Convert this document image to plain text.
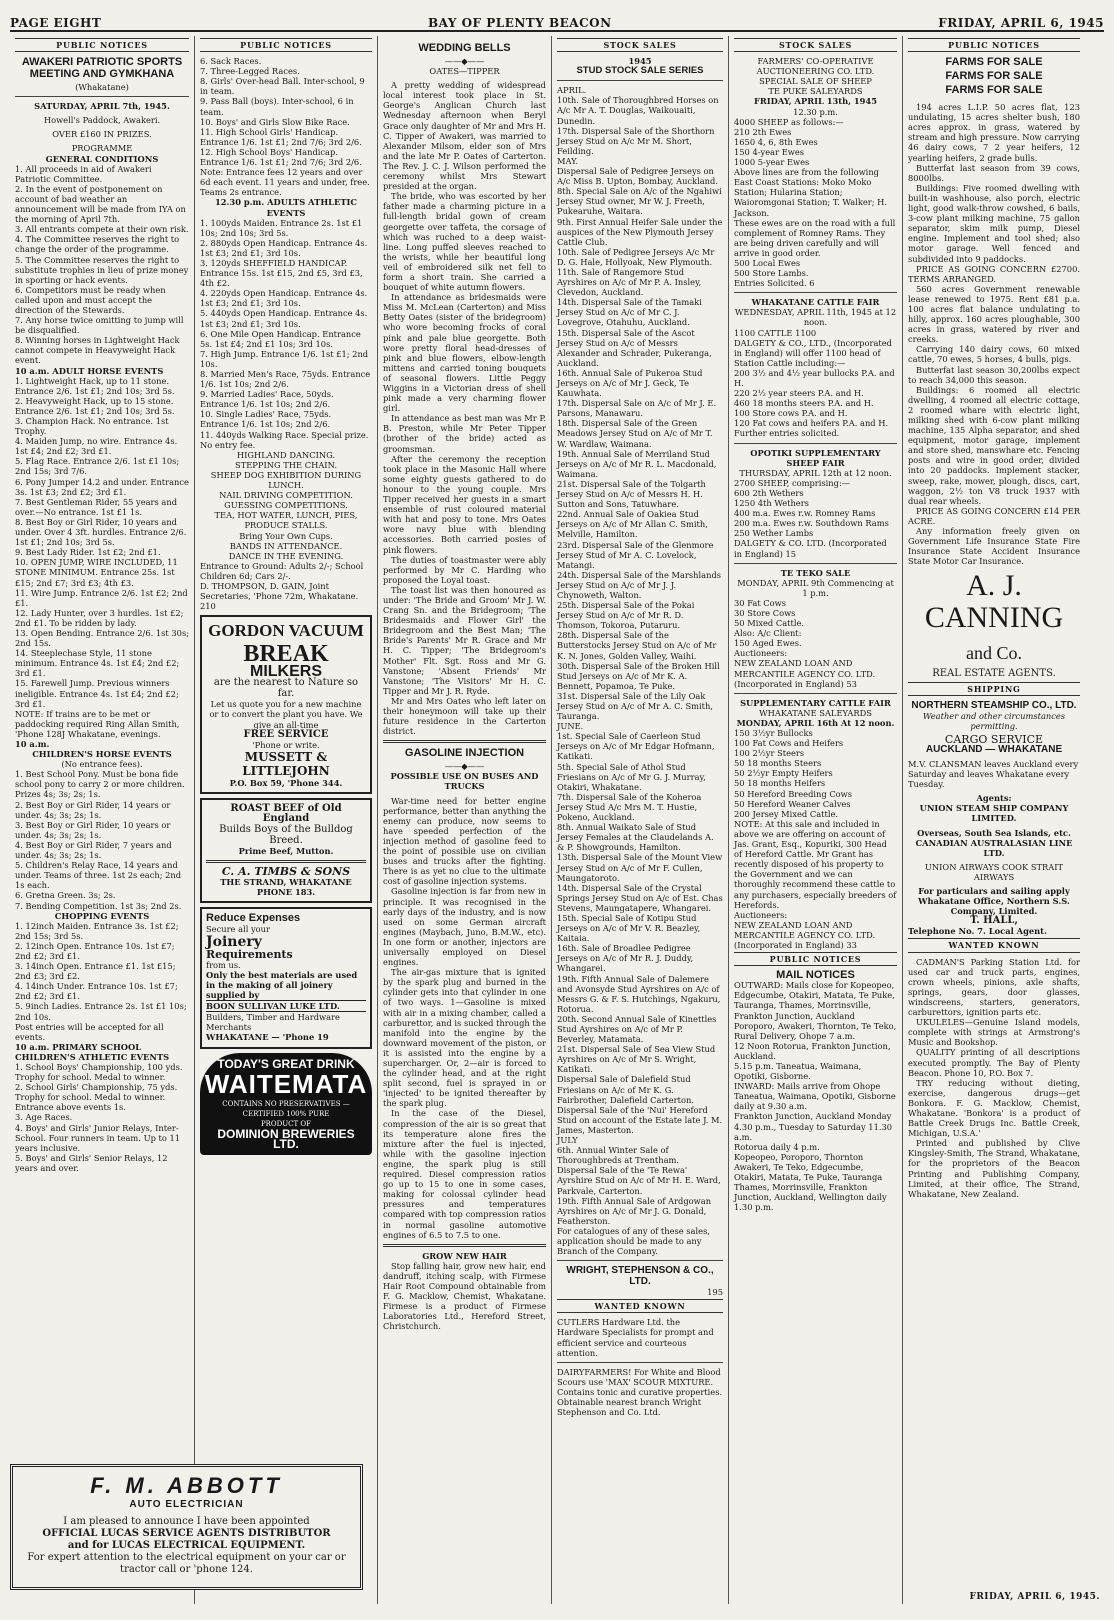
PAGE EIGHT	BAY OF PLENTY BEACON	FRIDAY, APRIL 6, 1945
PUBLIC NOTICES
AWAKERI PATRIOTIC SPORTS MEETING AND GYMKHANA
(Whakatane)
SATURDAY, APRIL 7th, 1945.
Howell's Paddock, Awakeri.
OVER £160 IN PRIZES.
PROGRAMME
GENERAL CONDITIONS
1. All proceeds in aid of Awakeri Patriotic Committee.
2. In the event of postponement on account of bad weather an announcement will be made from IYA on the morning of April 7th.
3. All entrants compete at their own risk.
4. The Committee reserves the right to change the order of the programme.
5. The Committee reserves the right to substitute trophies in lieu of prize money in sporting or hack events.
6. Competitors must be ready when called upon and must accept the direction of the Stewards.
7. Any horse twice omitting to jump will be disqualified.
8. Winning horses in Lightweight Hack cannot compete in Heavyweight Hack event.
10 a.m. ADULT HORSE EVENTS
1. Lightweight Hack, up to 11 stone. Entrance 2/6. 1st £1; 2nd 10s; 3rd 5s.
2. Heavyweight Hack, up to 15 stone. Entrance 2/6. 1st £1; 2nd 10s; 3rd 5s.
3. Champion Hack. No entrance. 1st Trophy.
4. Maiden Jump, no wire. Entrance 4s. 1st £4; 2nd £2; 3rd £1.
5. Flag Race. Entrance 2/6. 1st £1 10s; 2nd 15s; 3rd 7/6.
6. Pony Jumper 14.2 and under. Entrance 3s. 1st £3; 2nd £2; 3rd £1.
7. Best Gentleman Rider, 55 years and over.—No entrance. 1st £1 1s.
8. Best Boy or Girl Rider, 10 years and under. Over 4 3ft. hurdles. Entrance 2/6. 1st £1; 2nd 10s; 3rd 5s.
9. Best Lady Rider. 1st £2; 2nd £1.
10. OPEN JUMP, WIRE INCLUDED, 11 STONE MINIMUM. Entrance 25s. 1st £15; 2nd £7; 3rd £3; 4th £3.
11. Wire Jump. Entrance 2/6. 1st £2; 2nd £1.
12. Lady Hunter, over 3 hurdles. 1st £2; 2nd £1. To be ridden by lady.
13. Open Bending. Entrance 2/6. 1st 30s; 2nd 15s.
14. Steeplechase Style, 11 stone minimum. Entrance 4s. 1st £4; 2nd £2; 3rd £1.
15. Farewell Jump. Previous winners ineligible. Entrance 4s. 1st £4; 2nd £2; 3rd £1.
NOTE: If trains are to be met or paddocking required Ring Allan Smith, 'Phone 128J Whakatane, evenings.
10 a.m.
CHILDREN'S HORSE EVENTS
(No entrance fees).
1. Best School Pony. Must be bona fide school pony to carry 2 or more children. Prizes 4s; 3s; 2s; 1s.
2. Best Boy or Girl Rider, 14 years or under. 4s; 3s; 2s; 1s.
3. Best Boy or Girl Rider, 10 years or under. 4s; 3s; 2s; 1s.
4. Best Boy or Girl Rider, 7 years and under. 4s; 3s; 2s; 1s.
5. Children's Relay Race, 14 years and under. Teams of three. 1st 2s each; 2nd 1s each.
6. Gretna Green. 3s; 2s.
7. Bending Competition. 1st 3s; 2nd 2s.
CHOPPING EVENTS
1. 12inch Maiden. Entrance 3s. 1st £2; 2nd 15s; 3rd 5s.
2. 12inch Open. Entrance 10s. 1st £7; 2nd £2; 3rd £1.
3. 14inch Open. Entrance £1. 1st £15; 2nd £3; 3rd £2.
4. 14inch Under. Entrance 10s. 1st £7; 2nd £2; 3rd £1.
5. 9inch Ladies. Entrance 2s. 1st £1 10s; 2nd 10s.
Post entries will be accepted for all events.
10 a.m. PRIMARY SCHOOL CHILDREN'S ATHLETIC EVENTS
1. School Boys' Championship, 100 yds. Trophy for school. Medal to winner.
2. School Girls' Championship, 75 yds. Trophy for school. Medal to winner.
Entrance above events 1s.
3. Age Races.
4. Boys' and Girls' Junior Relays, Inter-School. Four runners in team. Up to 11 years inclusive.
5. Boys' and Girls' Senior Relays, 12 years and over.
PUBLIC NOTICES
6. Sack Races.
7. Three-Legged Races.
8. Girls' Over-head Ball. Inter-school, 9 in team.
9. Pass Ball (boys). Inter-school, 6 in team.
10. Boys' and Girls Slow Bike Race.
11. High School Girls' Handicap. Entrance 1/6. 1st £1; 2nd 7/6; 3rd 2/6.
12. High School Boys' Handicap. Entrance 1/6. 1st £1; 2nd 7/6; 3rd 2/6.
Note: Entrance fees 12 years and over 6d each event. 11 years and under, free. Teams 2s entrance.
12.30 p.m. ADULTS ATHLETIC EVENTS
1. 100yds Maiden. Entrance 2s. 1st £1 10s; 2nd 10s; 3rd 5s.
2. 880yds Open Handicap. Entrance 4s. 1st £3; 2nd £1; 3rd 10s.
3. 120yds SHEFFIELD HANDICAP. Entrance 15s. 1st £15, 2nd £5, 3rd £3, 4th £2.
4. 220yds Open Handicap. Entrance 4s. 1st £3; 2nd £1; 3rd 10s.
5. 440yds Open Handicap. Entrance 4s. 1st £3; 2nd £1; 3rd 10s.
6. One Mile Open Handicap. Entrance 5s. 1st £4; 2nd £1 10s; 3rd 10s.
7. High Jump. Entrance 1/6. 1st £1; 2nd 10s.
8. Married Men's Race, 75yds. Entrance 1/6. 1st 10s; 2nd 2/6.
9. Married Ladies' Race, 50yds. Entrance 1/6. 1st 10s; 2nd 2/6.
10. Single Ladies' Race, 75yds. Entrance 1/6. 1st 10s; 2nd 2/6.
11. 440yds Walking Race. Special prize. No entry fee.
HIGHLAND DANCING.
STEPPING THE CHAIN.
SHEEP DOG EXHIBITION DURING LUNCH.
NAIL DRIVING COMPETITION.
GUESSING COMPETITIONS.
TEA, HOT WATER, LUNCH, PIES, PRODUCE STALLS.
Bring Your Own Cups.
BANDS IN ATTENDANCE.
DANCE IN THE EVENING.
Entrance to Ground: Adults 2/-; School Children 6d; Cars 2/-.
D. THOMPSON, D. GAIN, Joint Secretaries, 'Phone 72m, Whakatane. 210
GORDON VACUUM
BREAK
MILKERS
are the nearest to Nature so far.
Let us quote you for a new machine or to convert the plant you have. We give an all-time
FREE SERVICE
'Phone or write.
MUSSETT & LITTLEJOHN
P.O. Box 59, 'Phone 344.
ROAST BEEF of Old England
Builds Boys of the Bulldog Breed.
Prime Beef, Mutton.
C. A. TIMBS & SONS
THE STRAND, WHAKATANE
PHONE 183.
Reduce Expenses
Secure all your
Joinery
Requirements
from us.
Only the best materials are used in the making of all joinery supplied by
BOON SULLIVAN LUKE LTD.
Builders, Timber and Hardware Merchants
WHAKATANE — 'Phone 19
TODAY'S GREAT DRINK
WAITEMATA
CONTAINS NO PRESERVATIVES — CERTIFIED 100% PURE
PRODUCT OF
DOMINION BREWERIES LTD.
WEDDING BELLS
——◆——
OATES—TIPPER
A pretty wedding of widespread local interest took place in St. George's Anglican Church last Wednesday afternoon when Beryl Grace only daughter of Mr and Mrs H. C. Tipper of Awakeri, was married to Alexander Milsom, elder son of Mrs and the late Mr P. Oates of Carterton. The Rev. J. C. J. Wilson performed the ceremony whilst Mrs Stewart presided at the organ.
The bride, who was escorted by her father made a charming picture in a full-length bridal gown of cream georgette over taffeta, the corsage of which was ruched to a deep waist-line. Long puffed sleeves reached to the wrists, while her beautiful long veil of embroidered silk net fell to form a short train. She carried a bouquet of white autumn flowers.
In attendance as bridesmaids were Miss M. McLean (Carterton) and Miss Betty Oates (sister of the bridegroom) who wore becoming frocks of coral pink and pale blue georgette. Both wore pretty floral head-dresses of pink and blue flowers, elbow-length mittens and carried toning bouquets of seasonal flowers. Little Peggy Wiggins in a Victorian dress of shell pink made a very charming flower girl.
In attendance as best man was Mr P. B. Preston, while Mr Peter Tipper (brother of the bride) acted as groomsman.
After the ceremony the reception took place in the Masonic Hall where some eighty guests gathered to do honour to the young couple. Mrs Tipper received her guests in a smart ensemble of rust coloured material with hat and posy to tone. Mrs Oates wore navy blue with blending accessories. Both carried posies of pink flowers.
The duties of toastmaster were ably performed by Mr C. Harding who proposed the Loyal toast.
The toast list was then honoured as under: 'The Bride and Groom' Mr J. W. Crang Sn. and the Bridegroom; 'The Bridesmaids and Flower Girl' the Bridegroom and the Best Man; 'The Bride's Parents' Mr R. Grace and Mr H. C. Tipper; 'The Bridegroom's Mother' Flt. Sgt. Ross and Mr G. Vanstone; 'Absent Friends' Mr Vanstone; 'The Visitors' Mr H. C. Tipper and Mr J. R. Ryde.
Mr and Mrs Oates who left later on their honeymoon will take up their future residence in the Carterton district.
GASOLINE INJECTION
——◆——
POSSIBLE USE ON BUSES AND TRUCKS
War-time need for better engine performance, better than anything the enemy can produce, now seems to have speeded perfection of the injection method of gasoline feed to the point of possible use on civilian buses and trucks after the fighting. There is as yet no clue to the ultimate cost of gasoline injection systems.
Gasoline injection is far from new in principle. It was recognised in the early days of the industry, and is now used on some German aircraft engines (Maybach, Juno, B.M.W., etc). In one form or another, injectors are universally employed on Diesel engines.
The air-gas mixture that is ignited by the spark plug and burned in the cylinder gets into that cylinder in one of two ways. 1—Gasoline is mixed with air in a mixing chamber, called a carburettor, and is sucked through the manifold into the engine by the downward movement of the piston, or it is assisted into the engine by a supercharger. Or, 2—air is forced to the cylinder head, and at the right split second, fuel is sprayed in or 'injected' to be ignited thereafter by the spark plug.
In the case of the Diesel, compression of the air is so great that its temperature alone fires the mixture after the fuel is injected, while with the gasoline injection engine, the spark plug is still required. Diesel compression ratios go up to 15 to one in some cases, making for colossal cylinder head pressures and temperatures compared with top compression ratios in normal gasoline automotive engines of 6.5 to 7.5 to one.
GROW NEW HAIR
Stop falling hair, grow new hair, end dandruff, itching scalp, with Firmese Hair Root Compound obtainable from F. G. Macklow, Chemist, Whakatane. Firmese is a product of Firmese Laboratories Ltd., Hereford Street, Christchurch.
STOCK SALES
1945
STUD STOCK SALE SERIES
APRIL.
10th. Sale of Thoroughbred Horses on A/c Mr A. T. Douglas, Waikouaiti, Dunedin.
17th. Dispersal Sale of the Shorthorn Jersey Stud on A/c Mr M. Short, Feilding.
MAY.
Dispersal Sale of Pedigree Jerseys on A/c Miss B. Upton, Bombay, Auckland.
8th. Special Sale on A/c of the Ngahiwi Jersey Stud owner, Mr W. J. Freeth, Pukearuhe, Waitara.
9th. First Annual Heifer Sale under the auspices of the New Plymouth Jersey Cattle Club.
10th. Sale of Pedigree Jerseys A/c Mr D. G. Hale, Hollyoak, New Plymouth.
11th. Sale of Rangemore Stud Ayrshires on A/c of Mr P. A. Insley, Clevedon, Auckland.
14th. Dispersal Sale of the Tamaki Jersey Stud on A/c of Mr C. J. Lovegrove, Otahuhu, Auckland.
15th. Dispersal Sale of the Ascot Jersey Stud on A/c of Messrs Alexander and Schrader, Pukeranga, Auckland.
16th. Annual Sale of Pukeroa Stud Jerseys on A/c of Mr J. Geck, Te Kauwhata.
17th. Dispersal Sale on A/c of Mr J. E. Parsons, Manawaru.
18th. Dispersal Sale of the Green Meadows Jersey Stud on A/c of Mr T. W. Wardlaw, Waimana.
19th. Annual Sale of Merriland Stud Jerseys on A/c of Mr R. L. Macdonald, Waimana.
21st. Dispersal Sale of the Tolgarth Jersey Stud on A/c of Messrs H. H. Sutton and Sons, Tatuwhare.
22nd. Annual Sale of Oakiea Stud Jerseys on A/c of Mr Allan C. Smith, Melville, Hamilton.
23rd. Dispersal Sale of the Glenmore Jersey Stud of Mr A. C. Lovelock, Matangi.
24th. Dispersal Sale of the Marshlands Jersey Stud on A/c of Mr J. J. Chynoweth, Walton.
25th. Dispersal Sale of the Pokai Jersey Stud on A/c of Mr R. D. Thomson, Tokoroa, Putaruru.
28th. Dispersal Sale of the Butterstocks Jersey Stud on A/c of Mr K. N. Jones, Golden Valley, Waihi.
30th. Dispersal Sale of the Broken Hill Stud Jerseys on A/c of Mr K. A. Bennett, Popamoa, Te Puke.
31st. Dispersal Sale of the Lily Oak Jersey Stud on A/c of Mr A. C. Smith, Tauranga.
JUNE.
1st. Special Sale of Caerleon Stud Jerseys on A/c of Mr Edgar Hofmann, Katikati.
5th. Special Sale of Athol Stud Friesians on A/c of Mr G. J. Murray, Otakiri, Whakatane.
7th. Dispersal Sale of the Koheroa Jersey Stud A/c Mrs M. T. Hustie, Pokeno, Auckland.
8th. Annual Waikato Sale of Stud Jersey Females at the Claudelands A. & P. Showgrounds, Hamilton.
13th. Dispersal Sale of the Mount View Jersey Stud on A/c of Mr F. Cullen, Maungatoroto.
14th. Dispersal Sale of the Crystal Springs Jersey Stud on A/c of Est. Chas Stevens, Maungatapere, Whangarei.
15th. Special Sale of Kotipu Stud Jerseys on A/c of Mr V. R. Beazley, Kaitaia.
16th. Sale of Broadlee Pedigree Jerseys on A/c of Mr R. J. Duddy, Whangarei.
19th. Fifth Annual Sale of Dalemere and Avonsyde Stud Ayrshires on A/c of Messrs G. & F. S. Hutchings, Ngakuru, Rotorua.
20th. Second Annual Sale of Kinettles Stud Ayrshires on A/c of Mr P. Beverley, Matamata.
21st. Dispersal Sale of Sea View Stud Ayrshires on A/c of Mr S. Wright, Katikati.
Dispersal Sale of Dalefield Stud Friesians on A/c of Mr K. G. Fairbrother, Dalefield Carterton.
Dispersal Sale of the 'Nui' Hereford Stud on account of the Estate late J. M. James, Masterton.
JULY
6th. Annual Winter Sale of Thoroughbreds at Trentham.
Dispersal Sale of the 'Te Rewa' Ayrshire Stud on A/c of Mr H. E. Ward, Parkvale, Carterton.
19th. Fifth Annual Sale of Ardgowan Ayrshires on A/c of Mr J. G. Donald, Featherston.
For catalogues of any of these sales, application should be made to any Branch of the Company.
WRIGHT, STEPHENSON & CO., LTD.
195
WANTED KNOWN
CUTLERS Hardware Ltd. the Hardware Specialists for prompt and efficient service and courteous attention.
DAIRYFARMERS! For White and Blood Scours use 'MAX' SCOUR MIXTURE. Contains tonic and curative properties. Obtainable nearest branch Wright Stephenson and Co. Ltd.
STOCK SALES
FARMERS' CO-OPERATIVE AUCTIONEERING CO. LTD.
SPECIAL SALE OF SHEEP
TE PUKE SALEYARDS
FRIDAY, APRIL 13th, 1945
12.30 p.m.
4000 SHEEP as follows:—
210 2th Ewes
1650 4, 6, 8th Ewes
150 4-year Ewes
1000 5-year Ewes
Above lines are from the following East Coast Stations: Moko Moko Station; Hularina Station; Waioromgonai Station; T. Walker; H. Jackson.
These ewes are on the road with a full complement of Romney Rams. They are being driven carefully and will arrive in good order.
500 Local Ewes
500 Store Lambs.
Entries Solicited. 6
WHAKATANE CATTLE FAIR
WEDNESDAY, APRIL 11th, 1945 at 12 noon.
1100 CATTLE 1100
DALGETY & CO., LTD., (Incorporated in England) will offer 1100 head of Station Cattle including:—
200 3½ and 4½ year bullocks P.A. and H.
220 2½ year steers P.A. and H.
460 18 months steers P.A. and H.
100 Store cows P.A. and H.
120 Fat cows and heifers P.A. and H.
Further entries solicited.
OPOTIKI SUPPLEMENTARY SHEEP FAIR
THURSDAY, APRIL 12th at 12 noon.
2700 SHEEP, comprising:—
600 2th Wethers
1250 4th Wethers
400 m.a. Ewes r.w. Romney Rams
200 m.a. Ewes r.w. Southdown Rams
250 Wether Lambs
DALGETY & CO. LTD. (Incorporated in England) 15
TE TEKO SALE
MONDAY, APRIL 9th Commencing at 1 p.m.
30 Fat Cows
30 Store Cows
50 Mixed Cattle.
Also: A/c Client:
150 Aged Ewes.
Auctioneers:
NEW ZEALAND LOAN AND MERCANTILE AGENCY CO. LTD. (Incorporated in England) 53
SUPPLEMENTARY CATTLE FAIR
WHAKATANE SALEYARDS
MONDAY, APRIL 16th At 12 noon.
150 3½yr Bullocks
100 Fat Cows and Heifers
100 2½yr Steers
50 18 months Steers
50 2½yr Empty Heifers
50 18 months Heifers
50 Hereford Breeding Cows
50 Hereford Weaner Calves
200 Jersey Mixed Cattle.
NOTE: At this sale and included in above we are offering on account of Jas. Grant, Esq., Kopuriki, 300 Head of Hereford Cattle. Mr Grant has recently disposed of his property to the Government and we can thoroughly recommend these cattle to any purchasers, especially breeders of Herefords.
Auctioneers:
NEW ZEALAND LOAN AND MERCANTILE AGENCY CO. LTD. (Incorporated in England) 33
PUBLIC NOTICES
MAIL NOTICES
OUTWARD: Mails close for Kopeopeo, Edgecumbe, Otakiri, Matata, Te Puke, Tauranga, Thames, Morrinsville, Frankton Junction, Auckland Poroporo, Awakeri, Thornton, Te Teko, Rural Delivery, Ohope 7 a.m.
12 Noon Rotorua, Frankton Junction, Auckland.
5.15 p.m. Taneatua, Waimana, Opotiki, Gisborne.
INWARD: Mails arrive from Ohope Taneatua, Waimana, Opotiki, Gisborne daily at 9.30 a.m.
Frankton Junction, Auckland Monday 4.30 p.m., Tuesday to Saturday 11.30 a.m.
Rotorua daily 4 p.m.
Kopeopeo, Poroporo, Thornton Awakeri, Te Teko, Edgecumbe, Otakiri, Matata, Te Puke, Tauranga Thames, Morrinsville, Frankton Junction, Auckland, Wellington daily 1.30 p.m.
PUBLIC NOTICES
FARMS FOR SALE
FARMS FOR SALE
FARMS FOR SALE
194 acres L.I.P. 50 acres flat, 123 undulating, 15 acres shelter bush, 180 acres approx. in grass, watered by stream and high pressure. Now carrying 46 dairy cows, 7 2 year heifers, 12 yearling heifers, 2 grade bulls.
Butterfat last season from 39 cows, 8000lbs.
Buildings: Five roomed dwelling with built-in washhouse, also porch, electric light, good walk-throw cowshed, 6 bails, 3-cow plant milking machine, 75 gallon separator, skim milk pump, Diesel engine. Implement and tool shed; also motor garage. Well fenced and subdivided into 9 paddocks.
PRICE AS GOING CONCERN £2700. TERMS ARRANGED.
560 acres Government renewable lease renewed to 1975. Rent £81 p.a. 100 acres flat balance undulating to hilly, approx. 160 acres ploughable, 300 acres in grass, watered by river and creeks.
Carrying 140 dairy cows, 60 mixed cattle, 70 ewes, 5 horses, 4 bulls, pigs.
Butterfat last season 30,200lbs expect to reach 34,000 this season.
Buildings: 6 roomed all electric dwelling, 4 roomed all electric cottage, 2 roomed whare with electric light, milking shed with 6-cow plant milking machine, 135 Alpha separator, and shed equipment, motor garage, implement and store shed, manswhare etc. Fencing posts and wire in good order, divided into 20 paddocks. Implement stacker, sweep, rake, mower, plough, discs, cart, waggon, 2½ ton V8 truck 1937 with dual rear wheels.
PRICE AS GOING CONCERN £14 PER ACRE.
Any information freely given on Government Life Insurance State Fire Insurance State Accident Insurance State Motor Car Insurance.
A. J. CANNING
and Co.
REAL ESTATE AGENTS.
SHIPPING
NORTHERN STEAMSHIP CO., LTD.
Weather and other circumstances permitting.
CARGO SERVICE
AUCKLAND — WHAKATANE
M.V. CLANSMAN leaves Auckland every Saturday and leaves Whakatane every Tuesday.
Agents:
UNION STEAM SHIP COMPANY LIMITED.
Overseas, South Sea Islands, etc.
CANADIAN AUSTRALASIAN LINE LTD.
UNION AIRWAYS COOK STRAIT AIRWAYS
For particulars and sailing apply Whakatane Office, Northern S.S. Company, Limited.
T. HALL,
Telephone No. 7. Local Agent.
WANTED KNOWN
CADMAN'S Parking Station Ltd. for used car and truck parts, engines, crown wheels, pinions, axle shafts, springs, gears, door glasses, windscreens, starters, generators, carburettors, ignition parts etc.
UKULELES—Genuine Island models, complete with strings at Armstrong's Music and Bookshop.
QUALITY printing of all descriptions executed promptly. The Bay of Plenty Beacon. Phone 10, P.O. Box 7.
TRY reducing without dieting, exercise, dangerous drugs—get Bonkora. F. G. Macklow, Chemist, Whakatane. 'Bonkora' is a product of Battle Creek Drugs Inc. Battle Creek, Michigan, U.S.A.'
Printed and published by Clive Kingsley-Smith, The Strand, Whakatane, for the proprietors of the Beacon Printing and Publishing Company, Limited, at their office, The Strand, Whakatane, New Zealand.
F. M. ABBOTT
AUTO ELECTRICIAN
I am pleased to announce I have been appointed
OFFICIAL LUCAS SERVICE AGENTS DISTRIBUTOR
and for LUCAS ELECTRICAL EQUIPMENT.
For expert attention to the electrical equipment on your car or tractor call or 'phone 124.
FRIDAY, APRIL 6, 1945.
